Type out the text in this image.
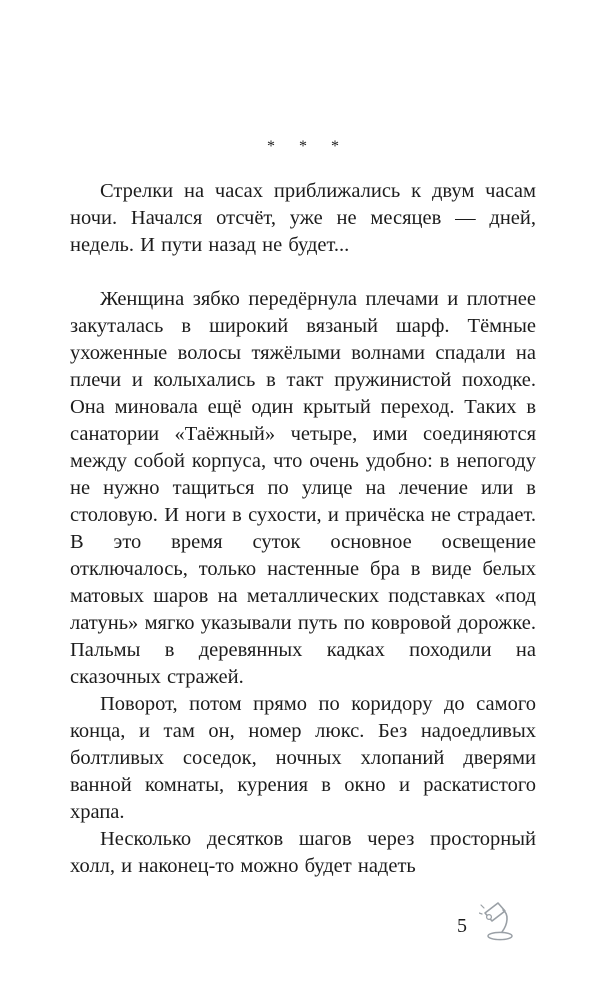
* * *

Стрелки на часах приближались к двум часам ночи. Начался отсчёт, уже не месяцев — дней, недель. И пути назад не будет...

Женщина зябко передёрнула плечами и плотнее закуталась в широкий вязаный шарф. Тёмные ухоженные волосы тяжёлыми волнами спадали на плечи и колыхались в такт пружинистой походке. Она миновала ещё один крытый переход. Таких в санатории «Таёжный» четыре, ими соединяются между собой корпуса, что очень удобно: в непогоду не нужно тащиться по улице на лечение или в столовую. И ноги в сухости, и причёска не страдает. В это время суток основное освещение отключалось, только настенные бра в виде белых матовых шаров на металлических подставках «под латунь» мягко указывали путь по ковровой дорожке. Пальмы в деревянных кадках походили на сказочных стражей.

Поворот, потом прямо по коридору до самого конца, и там он, номер люкс. Без надоедливых болтливых соседок, ночных хлопаний дверями ванной комнаты, курения в окно и раскатистого храпа.

Несколько десятков шагов через просторный холл, и наконец-то можно будет надеть

5
